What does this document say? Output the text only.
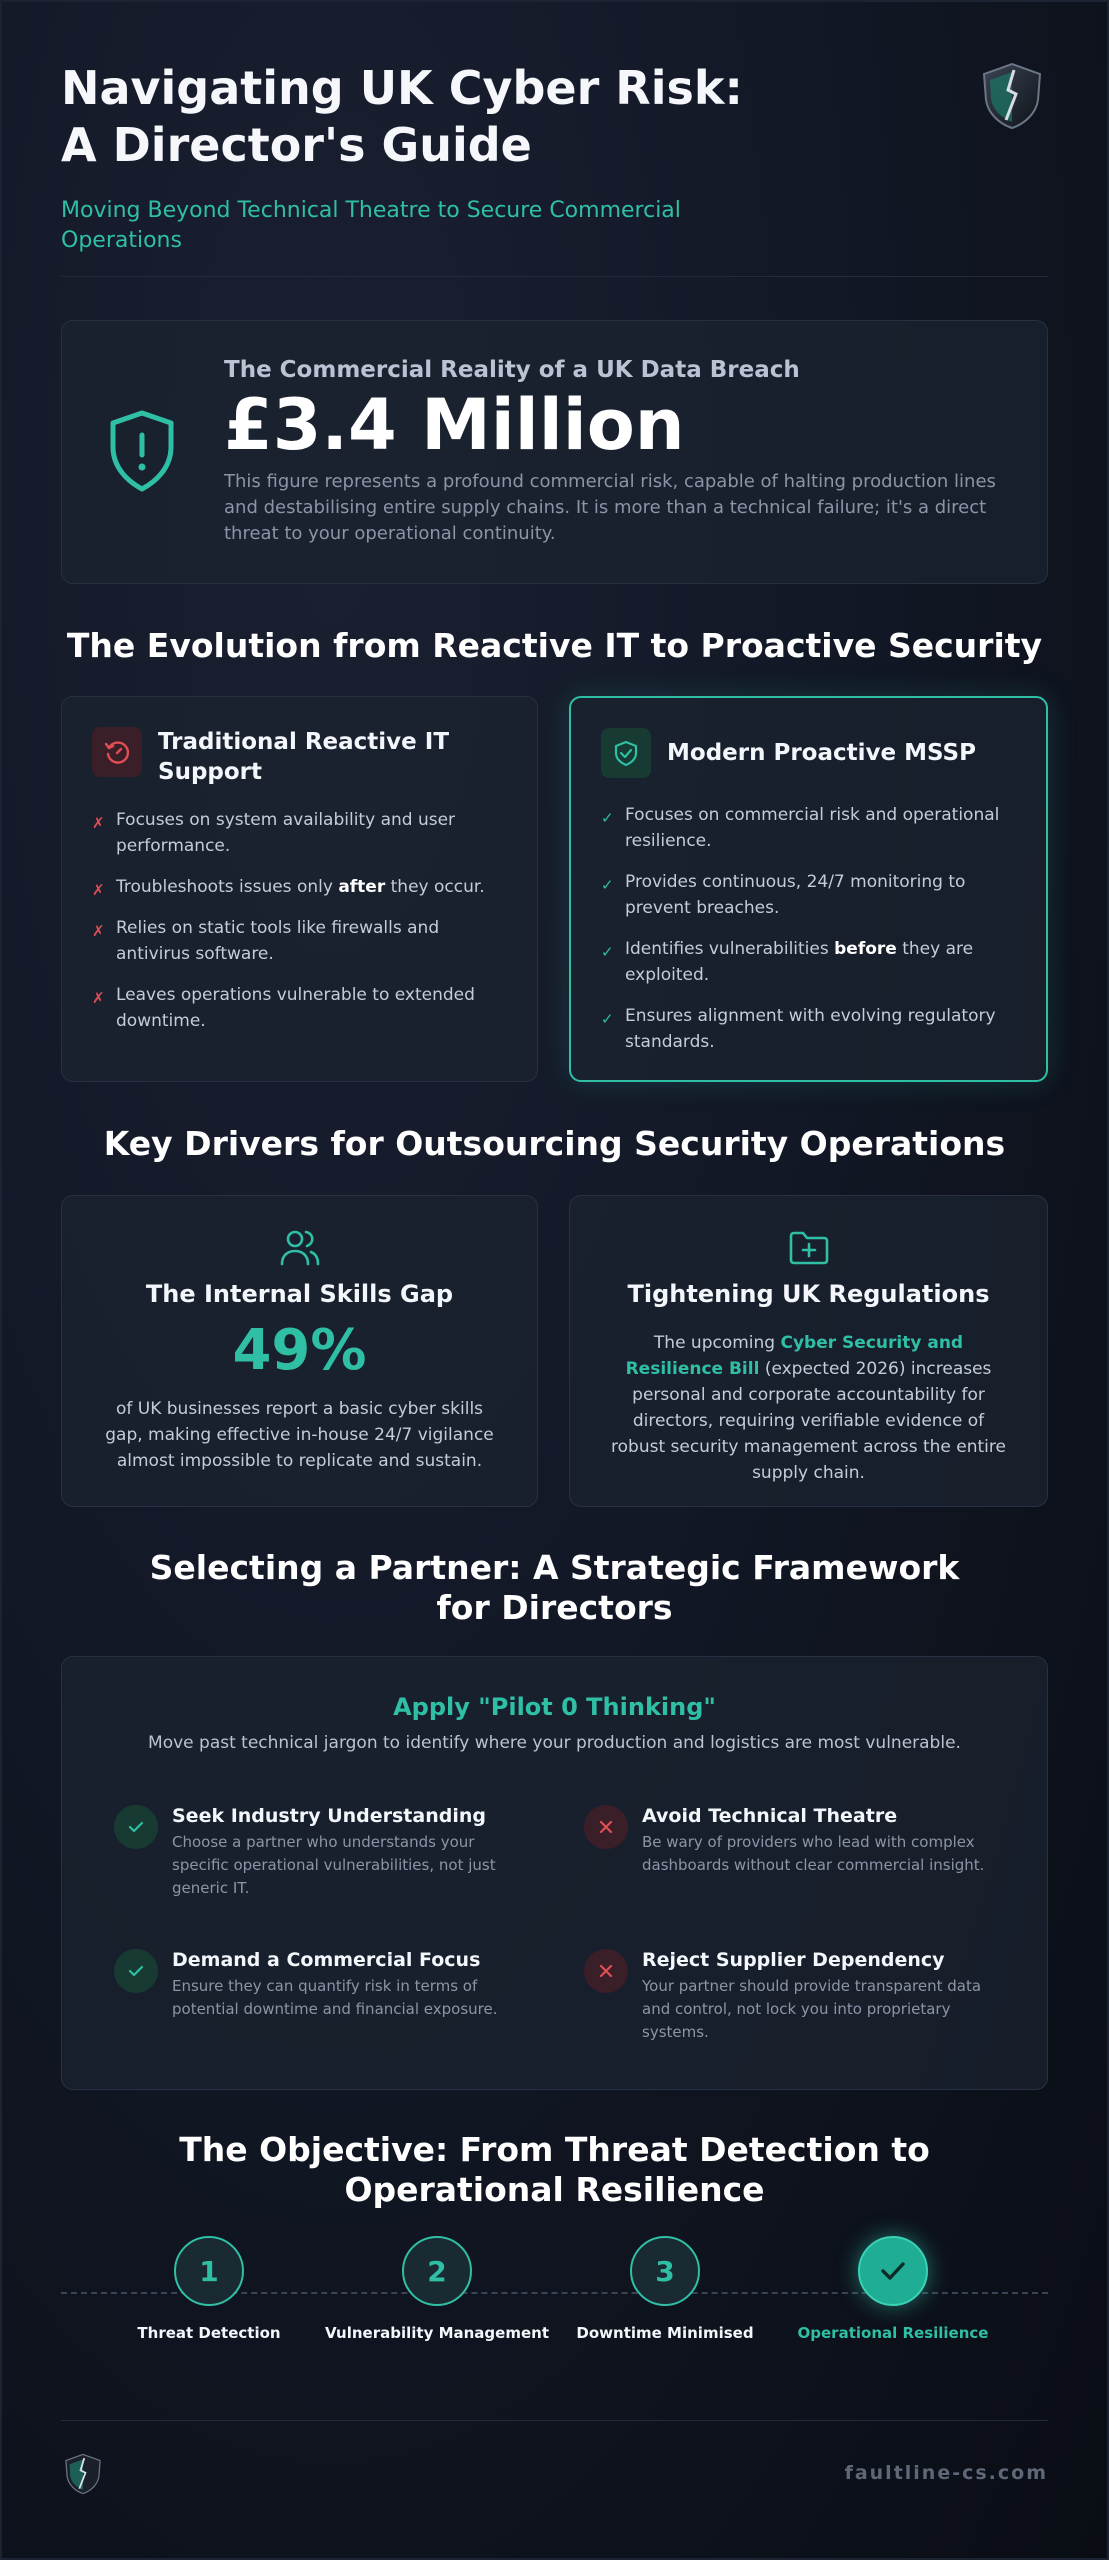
Navigating UK Cyber Risk:
A Director's Guide
Moving Beyond Technical Theatre to Secure Commercial Operations
The Commercial Reality of a UK Data Breach
£3.4 Million
This figure represents a profound commercial risk, capable of halting production lines and destabilising entire supply chains. It is more than a technical failure; it's a direct threat to your operational continuity.
The Evolution from Reactive IT to Proactive Security
Traditional Reactive IT Support
✗ Focuses on system availability and user performance.
✗ Troubleshoots issues only after they occur.
✗ Relies on static tools like firewalls and antivirus software.
✗ Leaves operations vulnerable to extended downtime.
Modern Proactive MSSP
✓ Focuses on commercial risk and operational resilience.
✓ Provides continuous, 24/7 monitoring to prevent breaches.
✓ Identifies vulnerabilities before they are exploited.
✓ Ensures alignment with evolving regulatory standards.
Key Drivers for Outsourcing Security Operations
The Internal Skills Gap
49%
of UK businesses report a basic cyber skills gap, making effective in-house 24/7 vigilance almost impossible to replicate and sustain.
Tightening UK Regulations
The upcoming Cyber Security and Resilience Bill (expected 2026) increases personal and corporate accountability for directors, requiring verifiable evidence of robust security management across the entire supply chain.
Selecting a Partner: A Strategic Framework for Directors
Apply "Pilot 0 Thinking"
Move past technical jargon to identify where your production and logistics are most vulnerable.
Seek Industry Understanding
Choose a partner who understands your specific operational vulnerabilities, not just generic IT.
Avoid Technical Theatre
Be wary of providers who lead with complex dashboards without clear commercial insight.
Demand a Commercial Focus
Ensure they can quantify risk in terms of potential downtime and financial exposure.
Reject Supplier Dependency
Your partner should provide transparent data and control, not lock you into proprietary systems.
The Objective: From Threat Detection to Operational Resilience
1
Threat Detection
2
Vulnerability Management
3
Downtime Minimised	Operational Resilience
faultline-cs.com
